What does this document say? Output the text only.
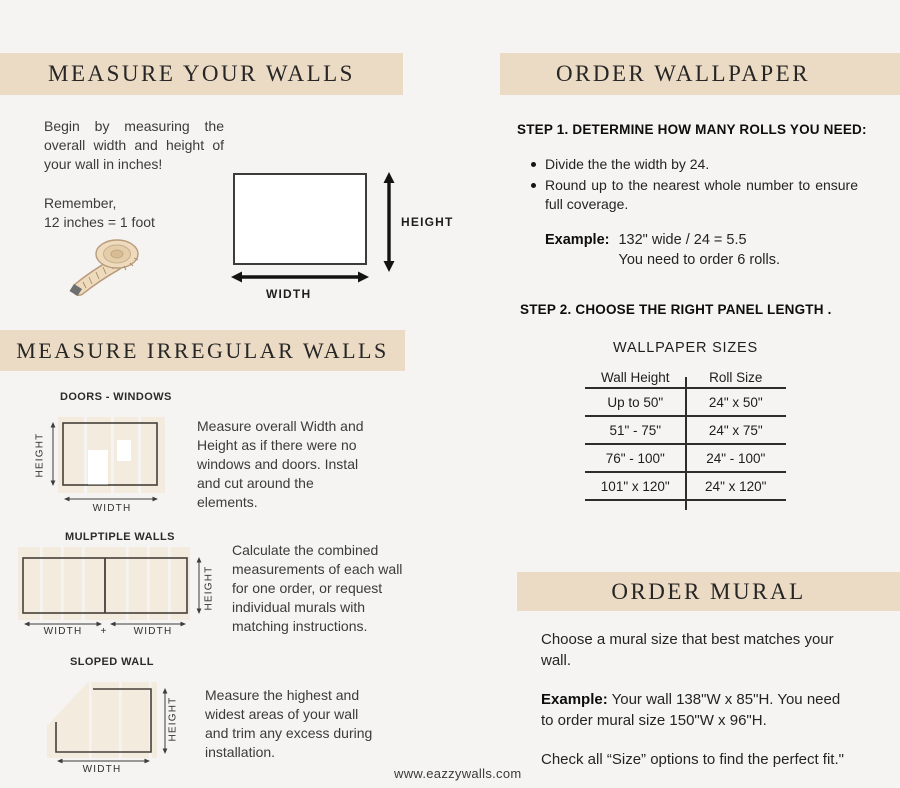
MEASURE YOUR WALLS
Begin by measuring the overall width and height of your wall in inches!
Remember,
12 inches = 1 foot	HEIGHT
WIDTH
MEASURE IRREGULAR WALLS
DOORS - WINDOWS
HEIGHT
WIDTH
Measure overall Width and Height as if there were no windows and doors. Instal and cut around the elements.
MULPTIPLE WALLS
HEIGHT
WIDTH	+	WIDTH
Calculate the combined measurements of each wall for one order, or request individual murals with matching instructions.
SLOPED WALL
HEIGHT
WIDTH
Measure the highest and widest areas of your wall and trim any excess during installation.
ORDER WALLPAPER
STEP 1. DETERMINE HOW MANY ROLLS YOU NEED:
Divide the the width by 24.
Round up to the nearest whole number to ensure full coverage.
Example: 132" wide / 24 = 5.5
You need to order 6 rolls.
STEP 2. CHOOSE THE RIGHT PANEL LENGTH .
WALLPAPER SIZES
Wall Height	Roll Size
Up to 50"	24" x 50"
51" - 75"	24" x 75"
76" - 100"	24" - 100"
101" x 120"	24" x 120"
ORDER MURAL

Choose a mural size that best matches your wall.

Example: Your wall 138"W x 85"H. You need to order mural size 150"W x 96"H.

Check all “Size” options to find the perfect fit."

www.eazzywalls.com
